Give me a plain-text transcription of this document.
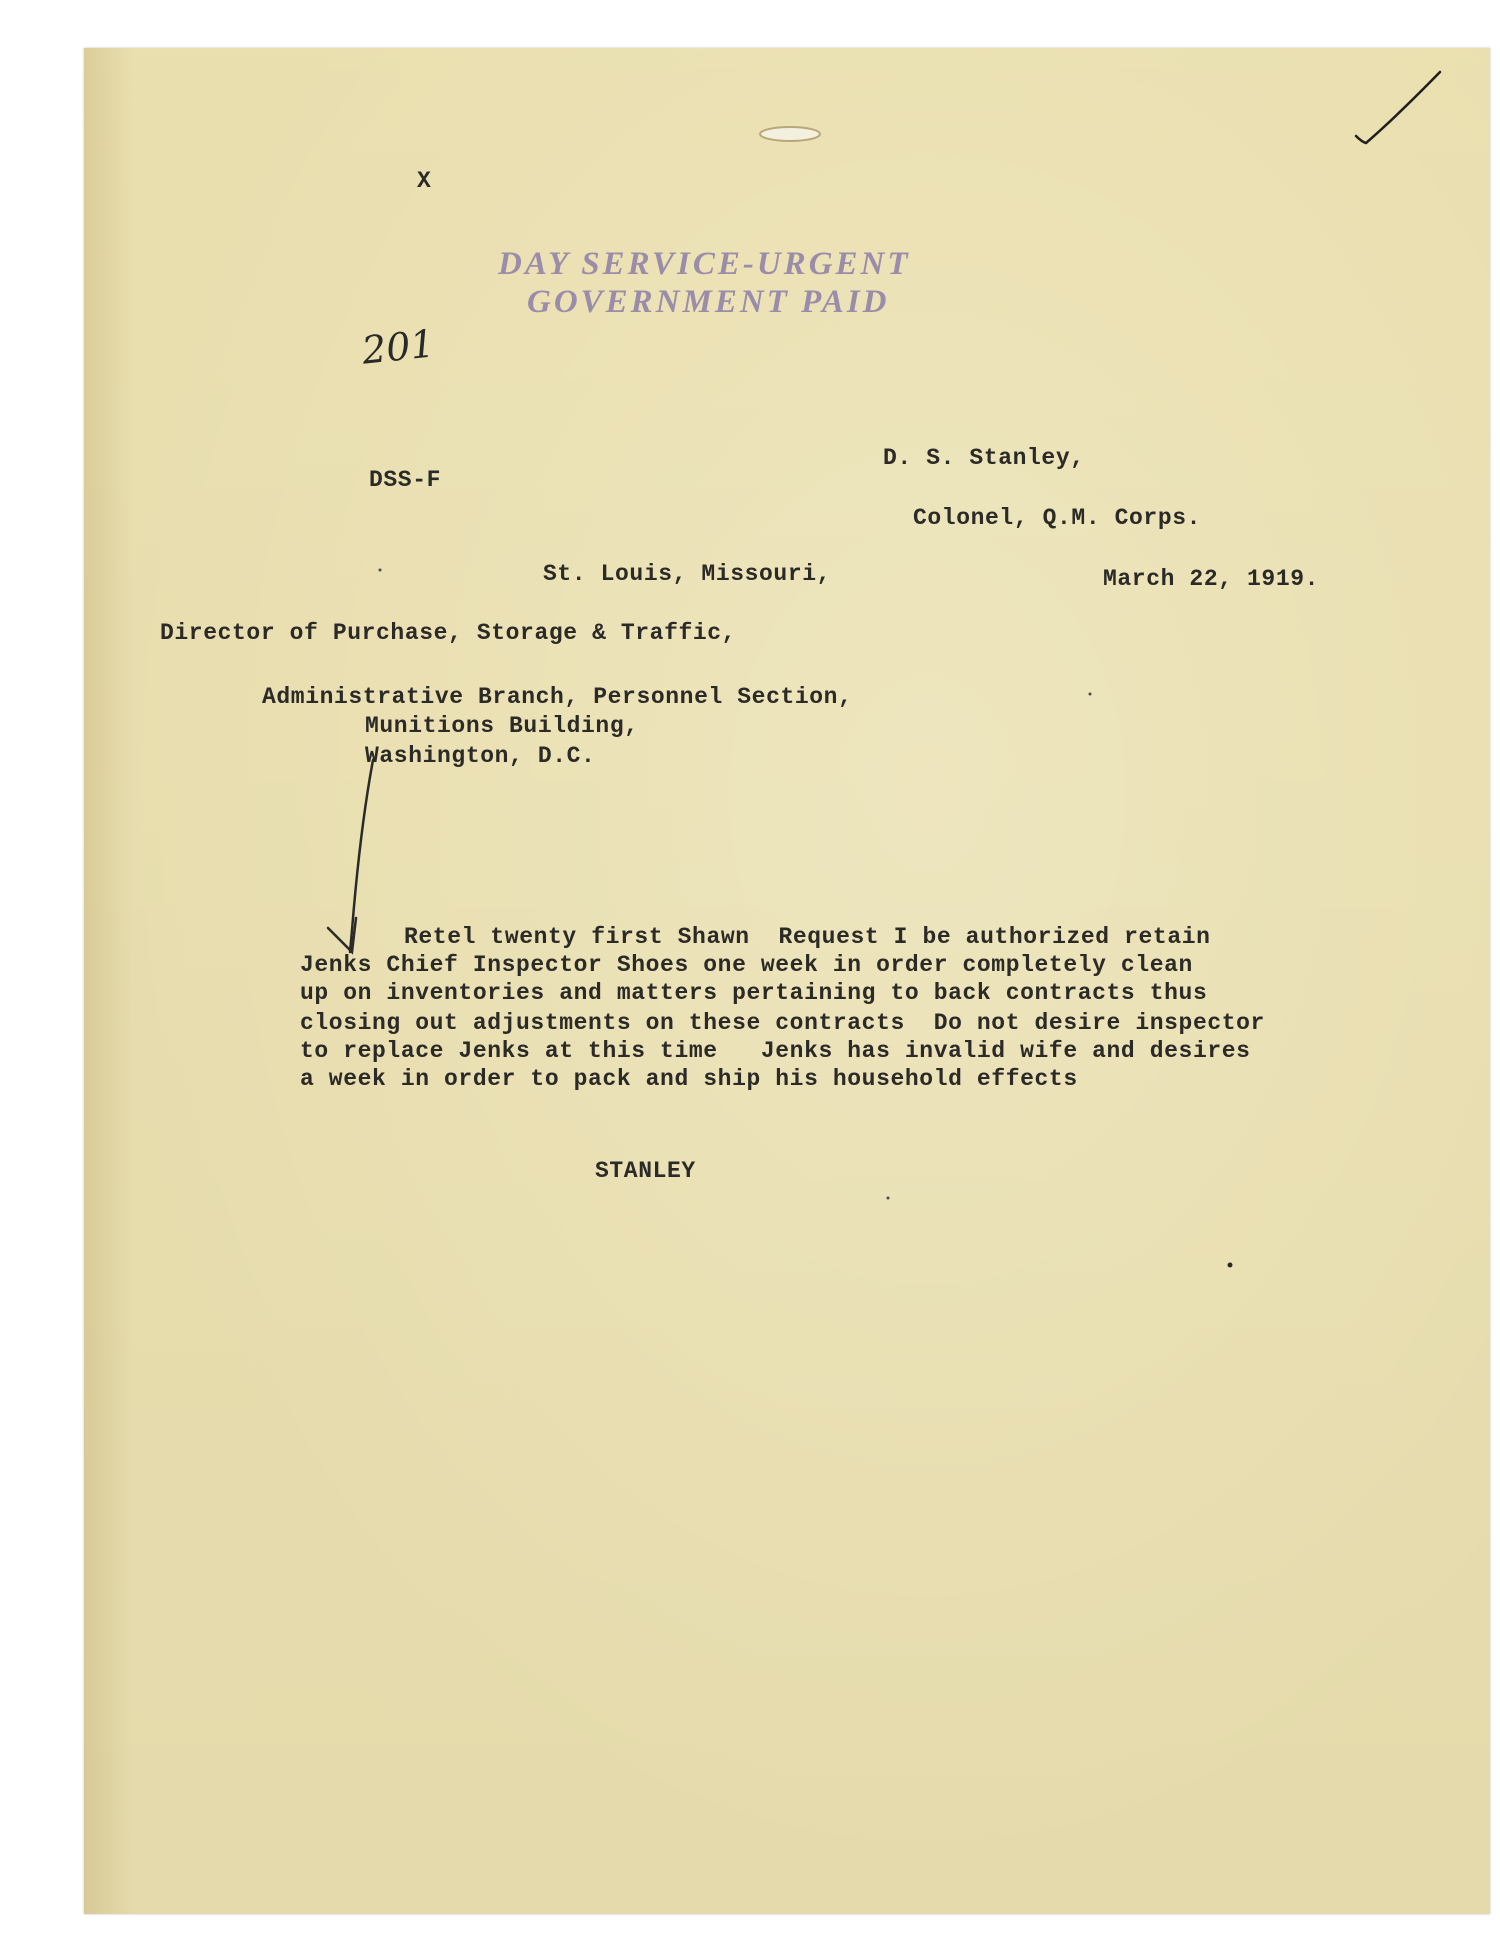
X
DAY SERVICE-URGENT
GOVERNMENT PAID
201
DSS-F
D. S. Stanley,
Colonel, Q.M. Corps.
St. Louis, Missouri,	March 22, 1919.
Director of Purchase, Storage & Traffic,
Administrative Branch, Personnel Section,
Munitions Building,
Washington, D.C.
Retel twenty first Shawn  Request I be authorized retain
Jenks Chief Inspector Shoes one week in order completely clean
up on inventories and matters pertaining to back contracts thus
closing out adjustments on these contracts  Do not desire inspector
to replace Jenks at this time   Jenks has invalid wife and desires
a week in order to pack and ship his household effects
STANLEY
